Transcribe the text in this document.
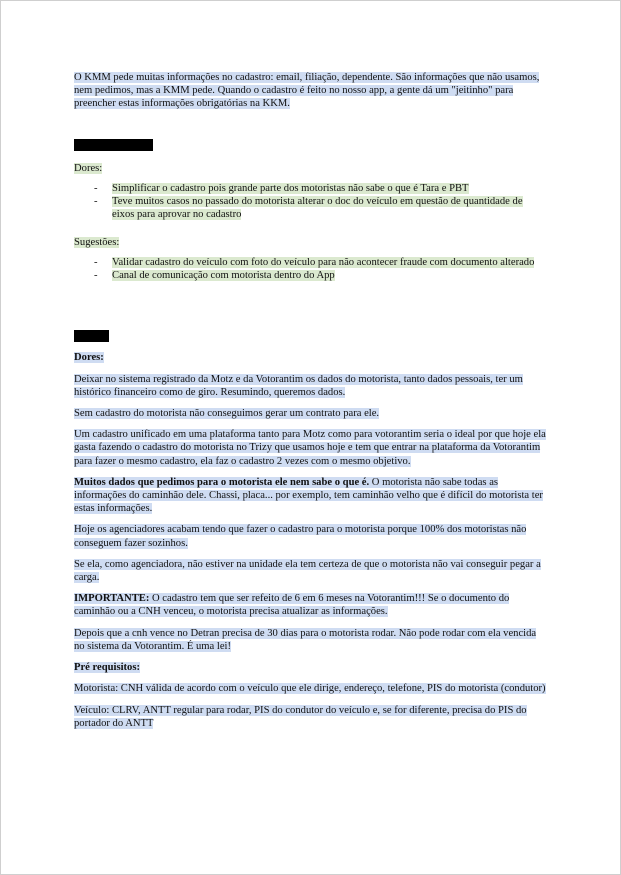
O KMM pede muitas informações no cadastro: email, filiação, dependente. São informações que não usamos, nem pedimos, mas a KMM pede. Quando o cadastro é feito no nosso app, a gente dá um "jeitinho" para preencher estas informações obrigatórias na KKM.

Dores:

- Simplificar o cadastro pois grande parte dos motoristas não sabe o que é Tara e PBT
- Teve muitos casos no passado do motorista alterar o doc do veículo em questão de quantidade de eixos para aprovar no cadastro

Sugestões:

- Validar cadastro do veículo com foto do veículo para não acontecer fraude com documento alterado
- Canal de comunicação com motorista dentro do App

Dores:

Deixar no sistema registrado da Motz e da Votorantim os dados do motorista, tanto dados pessoais, ter um histórico financeiro como de giro. Resumindo, queremos dados.

Sem cadastro do motorista não conseguimos gerar um contrato para ele.

Um cadastro unificado em uma plataforma tanto para Motz como para votorantim seria o ideal por que hoje ela gasta fazendo o cadastro do motorista no Trizy que usamos hoje e tem que entrar na plataforma da Votorantim para fazer o mesmo cadastro, ela faz o cadastro 2 vezes com o mesmo objetivo.

Muitos dados que pedimos para o motorista ele nem sabe o que é. O motorista não sabe todas as informações do caminhão dele. Chassi, placa... por exemplo, tem caminhão velho que é difícil do motorista ter estas informações.

Hoje os agenciadores acabam tendo que fazer o cadastro para o motorista porque 100% dos motoristas não conseguem fazer sozinhos.

Se ela, como agenciadora, não estiver na unidade ela tem certeza de que o motorista não vai conseguir pegar a carga.

IMPORTANTE: O cadastro tem que ser refeito de 6 em 6 meses na Votorantim!!! Se o documento do caminhão ou a CNH venceu, o motorista precisa atualizar as informações.

Depois que a cnh vence no Detran precisa de 30 dias para o motorista rodar. Não pode rodar com ela vencida no sistema da Votorantim. É uma lei!

Pré requisitos:

Motorista: CNH válida de acordo com o veículo que ele dirige, endereço, telefone, PIS do motorista (condutor)

Veículo: CLRV, ANTT regular para rodar, PIS do condutor do veículo e, se for diferente, precisa do PIS do portador do ANTT
